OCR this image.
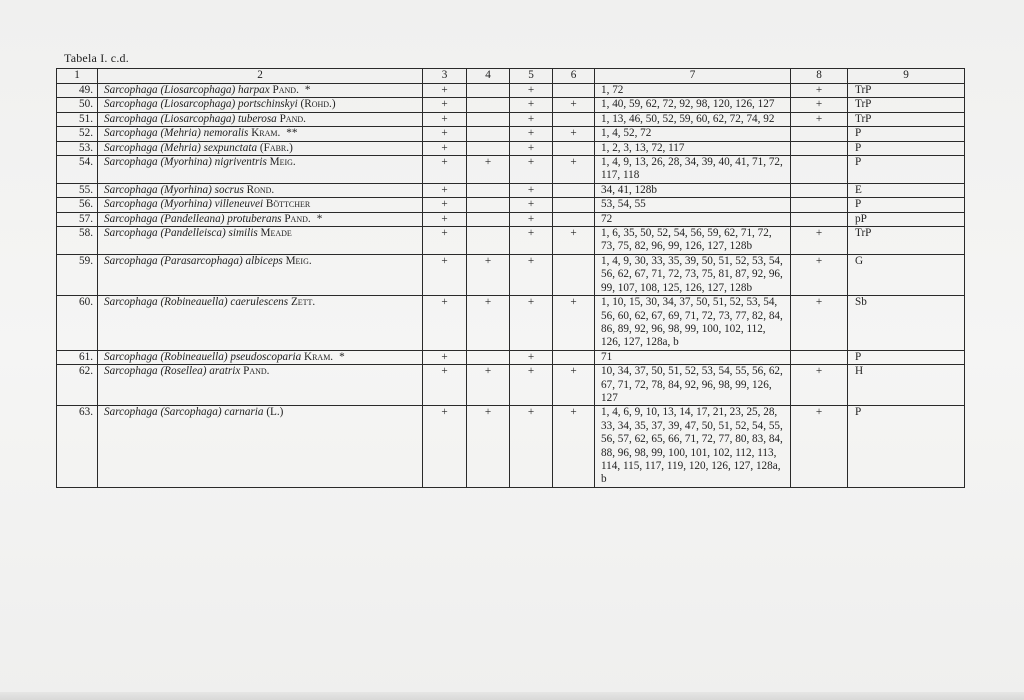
Tabela I. c.d.
1	2	3	4	5	6	7	8	9
49.	Sarcophaga (Liosarcophaga) harpax Pand. *	+		+		1, 72	+	TrP
50.	Sarcophaga (Liosarcophaga) portschinskyi (Rohd.)	+		+	+	1, 40, 59, 62, 72, 92, 98, 120, 126, 127	+	TrP
51.	Sarcophaga (Liosarcophaga) tuberosa Pand.	+		+		1, 13, 46, 50, 52, 59, 60, 62, 72, 74, 92	+	TrP
52.	Sarcophaga (Mehria) nemoralis Kram. **	+		+	+	1, 4, 52, 72		P
53.	Sarcophaga (Mehria) sexpunctata (Fabr.)	+		+		1, 2, 3, 13, 72, 117		P
54.	Sarcophaga (Myorhina) nigriventris Meig.	+	+	+	+	1, 4, 9, 13, 26, 28, 34, 39, 40, 41, 71, 72, 117, 118		P
55.	Sarcophaga (Myorhina) socrus Rond.	+		+		34, 41, 128b		E
56.	Sarcophaga (Myorhina) villeneuvei Böttcher	+		+		53, 54, 55		P
57.	Sarcophaga (Pandelleana) protuberans Pand. *	+		+		72		pP
58.	Sarcophaga (Pandelleisca) similis Meade	+		+	+	1, 6, 35, 50, 52, 54, 56, 59, 62, 71, 72, 73, 75, 82, 96, 99, 126, 127, 128b	+	TrP
59.	Sarcophaga (Parasarcophaga) albiceps Meig.	+	+	+		1, 4, 9, 30, 33, 35, 39, 50, 51, 52, 53, 54, 56, 62, 67, 71, 72, 73, 75, 81, 87, 92, 96, 99, 107, 108, 125, 126, 127, 128b	+	G
60.	Sarcophaga (Robineauella) caerulescens Zett.	+	+	+	+	1, 10, 15, 30, 34, 37, 50, 51, 52, 53, 54, 56, 60, 62, 67, 69, 71, 72, 73, 77, 82, 84, 86, 89, 92, 96, 98, 99, 100, 102, 112, 126, 127, 128a, b	+	Sb
61.	Sarcophaga (Robineauella) pseudoscoparia Kram. *	+		+		71		P
62.	Sarcophaga (Rosellea) aratrix Pand.	+	+	+	+	10, 34, 37, 50, 51, 52, 53, 54, 55, 56, 62, 67, 71, 72, 78, 84, 92, 96, 98, 99, 126, 127	+	H
63.	Sarcophaga (Sarcophaga) carnaria (L.)	+	+	+	+	1, 4, 6, 9, 10, 13, 14, 17, 21, 23, 25, 28, 33, 34, 35, 37, 39, 47, 50, 51, 52, 54, 55, 56, 57, 62, 65, 66, 71, 72, 77, 80, 83, 84, 88, 96, 98, 99, 100, 101, 102, 112, 113, 114, 115, 117, 119, 120, 126, 127, 128a, b	+	P
